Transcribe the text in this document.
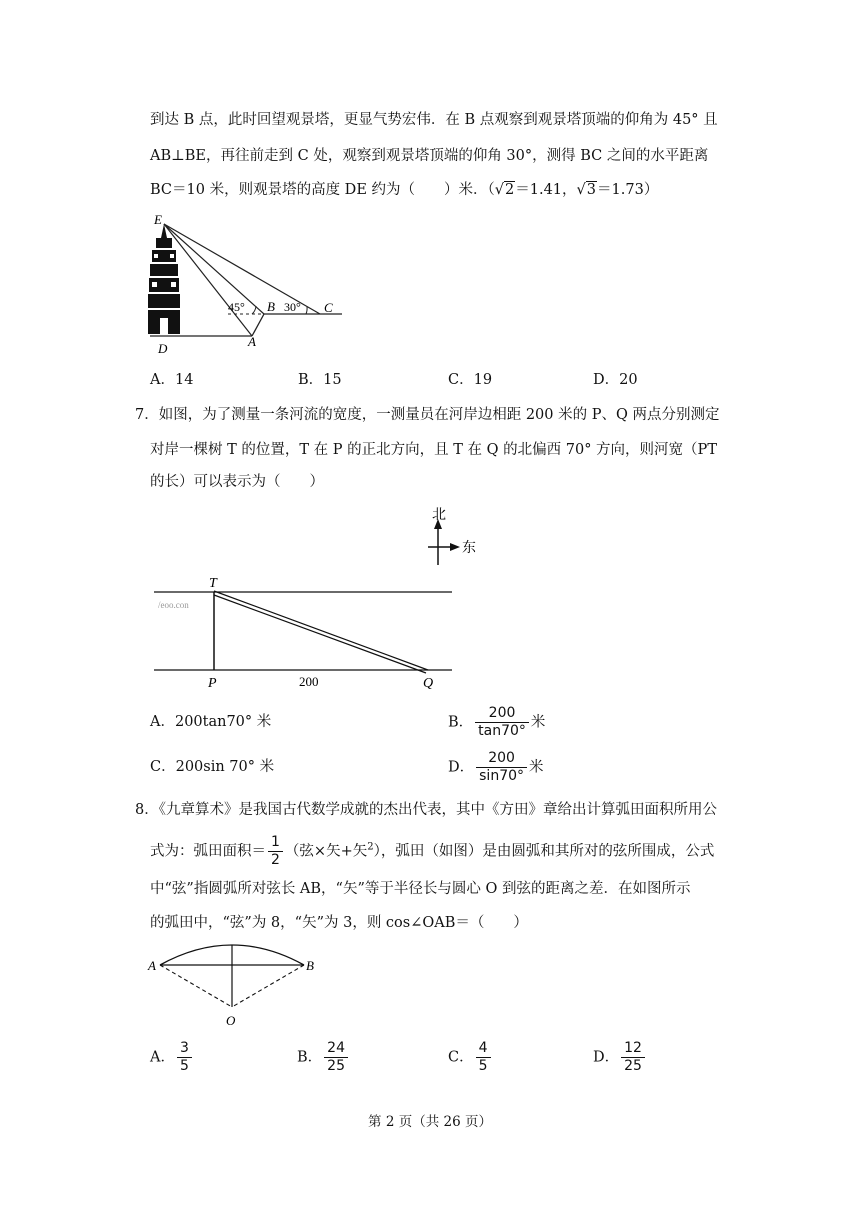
到达 B 点，此时回望观景塔，更显气势宏伟．在 B 点观察到观景塔顶端的仰角为 45° 且
AB⊥BE，再往前走到 C 处，观察到观景塔顶端的仰角 30°，测得 BC 之间的水平距离
BC＝10 米，则观景塔的高度 DE 约为（　　）米．（√2＝1.41，√3＝1.73）
E
B	C
D	A
45°	30°
A．14	B．15	C．19	D．20
7．如图，为了测量一条河流的宽度，一测量员在河岸边相距 200 米的 P、Q 两点分别测定
对岸一棵树 T 的位置，T 在 P 的正北方向，且 T 在 Q 的北偏西 70° 方向，则河宽（PT
的长）可以表示为（　　）
北
东
/eoo.con
T
P	Q
200
A．200tan70° 米	B． $\frac{200}{\tan 70^\circ}$ 米
C．200sin 70° 米	D． $\frac{200}{\sin 70^\circ}$ 米
8．《九章算术》是我国古代数学成就的杰出代表，其中《方田》章给出计算弧田面积所用公
式为：弧田面积＝ $\frac{1}{2}$ （弦×矢+矢$^2$），弧田（如图）是由圆弧和其所对的弦所围成，公式
中“弦”指圆弧所对弦长 AB，“矢”等于半径长与圆心 O 到弦的距离之差．在如图所示
的弧田中，“弦”为 8，“矢”为 3，则 cos∠OAB＝（　　）
A	B
O
A． $\frac{3}{5}$	B． $\frac{24}{25}$	C． $\frac{4}{5}$	D． $\frac{12}{25}$
第 2 页（共 26 页）
